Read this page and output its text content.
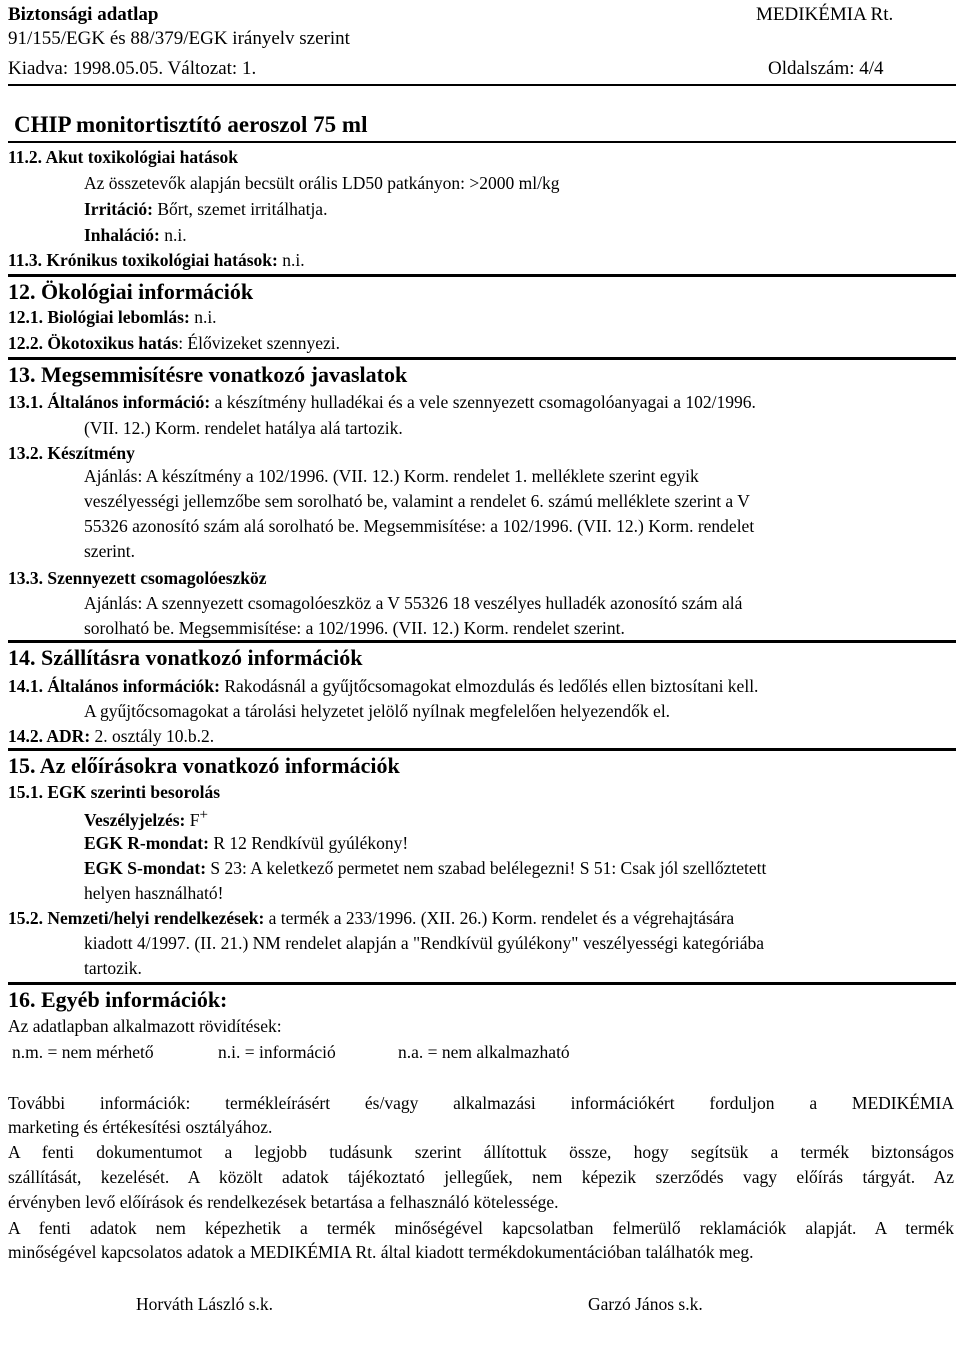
Biztonsági adatlap	MEDIKÉMIA Rt.
91/155/EGK és 88/379/EGK irányelv szerint
Kiadva: 1998.05.05. Változat: 1.	Oldalszám: 4/4
CHIP monitortisztító aeroszol 75 ml
11.2. Akut toxikológiai hatások
Az összetevők alapján becsült orális LD50 patkányon: >2000 ml/kg
Irritáció: Bőrt, szemet irritálhatja.
Inhaláció: n.i.
11.3. Krónikus toxikológiai hatások: n.i.
12. Ökológiai információk
12.1. Biológiai lebomlás: n.i.
12.2. Ökotoxikus hatás: Élővizeket szennyezi.
13. Megsemmisítésre vonatkozó javaslatok
13.1. Általános információ: a készítmény hulladékai és a vele szennyezett csomagolóanyagai a 102/1996.
(VII. 12.) Korm. rendelet hatálya alá tartozik.
13.2. Készítmény
Ajánlás: A készítmény a 102/1996. (VII. 12.) Korm. rendelet 1. melléklete szerint egyik
veszélyességi jellemzőbe sem sorolható be, valamint a rendelet 6. számú melléklete szerint a V
55326 azonosító szám alá sorolható be. Megsemmisítése: a 102/1996. (VII. 12.) Korm. rendelet
szerint.
13.3. Szennyezett csomagolóeszköz
Ajánlás: A szennyezett csomagolóeszköz a V 55326 18 veszélyes hulladék azonosító szám alá
sorolható be. Megsemmisítése: a 102/1996. (VII. 12.) Korm. rendelet szerint.
14. Szállításra vonatkozó információk
14.1. Általános információk: Rakodásnál a gyűjtőcsomagokat elmozdulás és ledőlés ellen biztosítani kell.
A gyűjtőcsomagokat a tárolási helyzetet jelölő nyílnak megfelelően helyezendők el.
14.2. ADR: 2. osztály 10.b.2.
15. Az előírásokra vonatkozó információk
15.1. EGK szerinti besorolás
Veszélyjelzés: F+
EGK R-mondat: R 12 Rendkívül gyúlékony!
EGK S-mondat: S 23: A keletkező permetet nem szabad belélegezni! S 51: Csak jól szellőztetett
helyen használható!
15.2. Nemzeti/helyi rendelkezések: a termék a 233/1996. (XII. 26.) Korm. rendelet és a végrehajtására
kiadott 4/1997. (II. 21.) NM rendelet alapján a "Rendkívül gyúlékony" veszélyességi kategóriába
tartozik.
16. Egyéb információk:
Az adatlapban alkalmazott rövidítések:
n.m. = nem mérhető	n.i. = információ	n.a. = nem alkalmazható
További információk: termékleírásért és/vagy alkalmazási információkért forduljon a MEDIKÉMIA
marketing és értékesítési osztályához.
A fenti dokumentumot a legjobb tudásunk szerint állítottuk össze, hogy segítsük a termék biztonságos
szállítását, kezelését. A közölt adatok tájékoztató jellegűek, nem képezik szerződés vagy előírás tárgyát. Az
érvényben levő előírások és rendelkezések betartása a felhasználó kötelessége.
A fenti adatok nem képezhetik a termék minőségével kapcsolatban felmerülő reklamációk alapját. A termék
minőségével kapcsolatos adatok a MEDIKÉMIA Rt. által kiadott termékdokumentációban találhatók meg.
Horváth László s.k.	Garzó János s.k.
